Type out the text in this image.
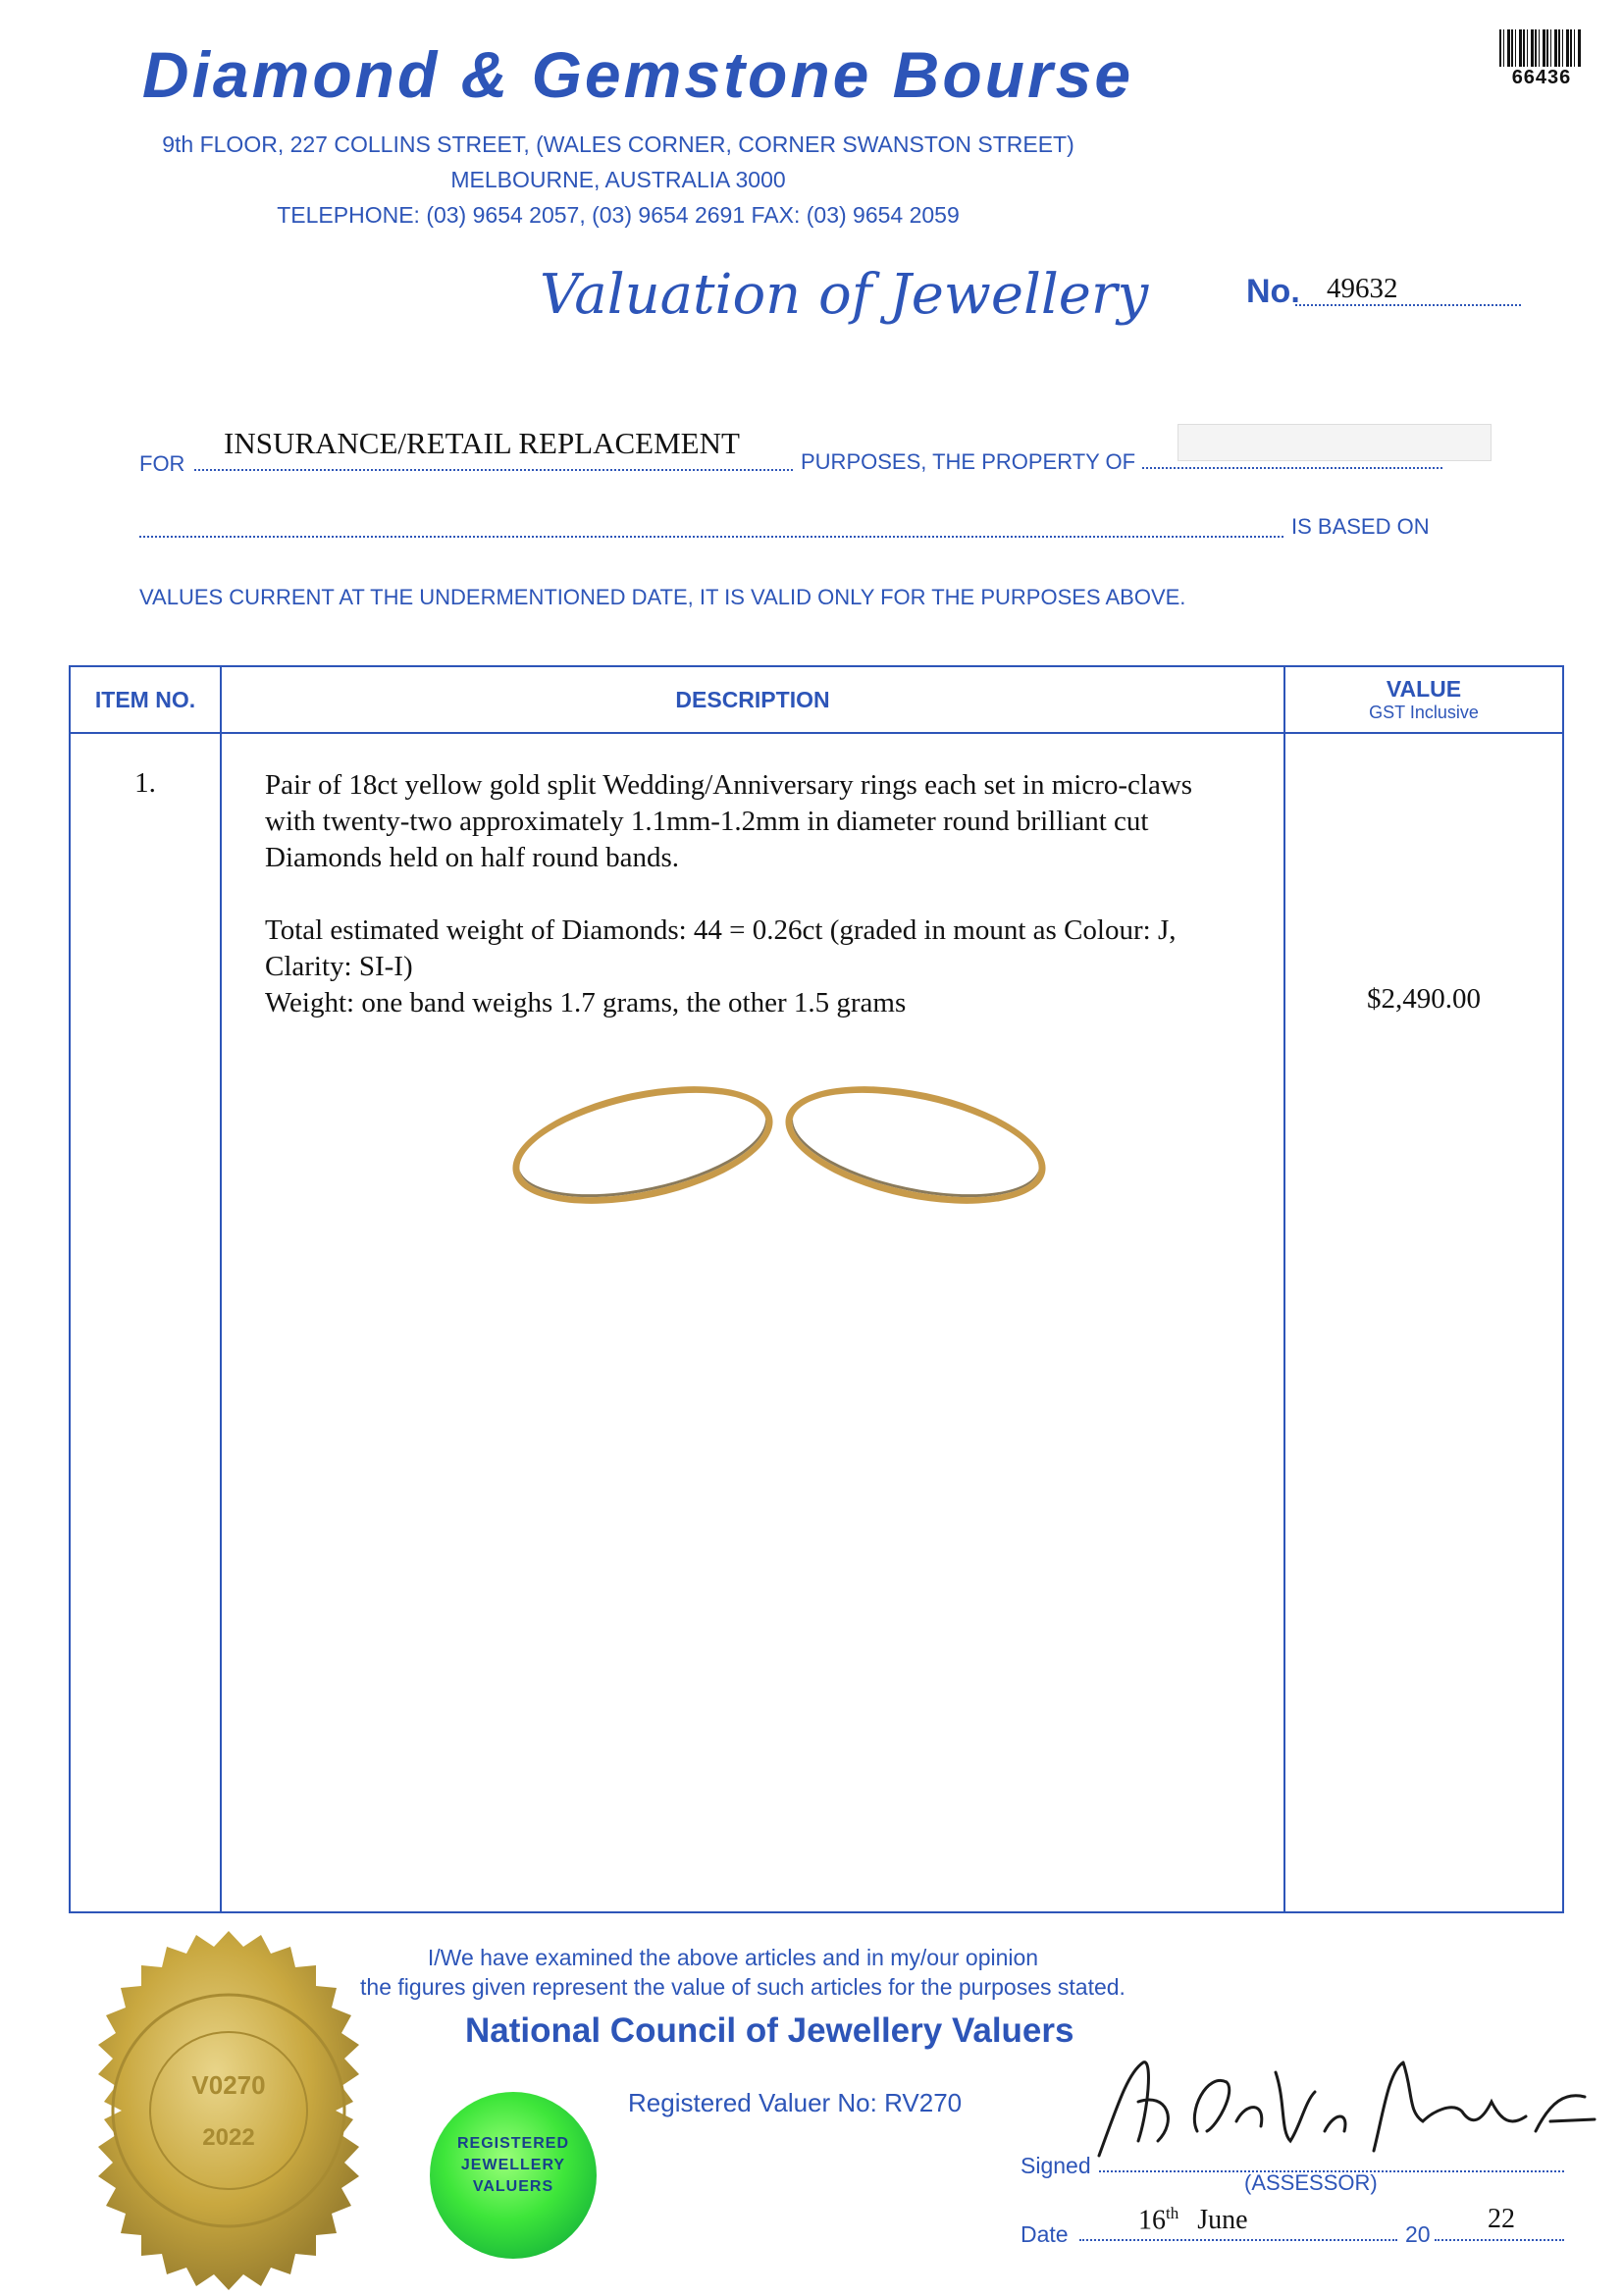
Diamond & Gemstone Bourse	66436
9th FLOOR, 227 COLLINS STREET, (WALES CORNER, CORNER SWANSTON STREET)
MELBOURNE, AUSTRALIA 3000
TELEPHONE: (03) 9654 2057, (03) 9654 2691 FAX: (03) 9654 2059
Valuation of Jewellery	No. 49632
FOR
INSURANCE/RETAIL REPLACEMENT
PURPOSES, THE PROPERTY OF
IS BASED ON
VALUES CURRENT AT THE UNDERMENTIONED DATE, IT IS VALID ONLY FOR THE PURPOSES ABOVE.
ITEM NO.	DESCRIPTION	VALUE
GST Inclusive

1.	Pair of 18ct yellow gold split Wedding/Anniversary rings each set in micro-claws with twenty-two approximately 1.1mm-1.2mm in diameter round brilliant cut Diamonds held on half round bands.

Total estimated weight of Diamonds: 44 = 0.26ct (graded in mount as Colour: J, Clarity: SI-I)

Weight: one band weighs 1.7 grams, the other 1.5 grams	$2,490.00
I/We have examined the above articles and in my/our opinion
the figures given represent the value of such articles for the purposes stated.
National Council of Jewellery Valuers
Registered Valuer No: RV270
V0270
2022	REGISTERED
JEWELLERY
VALUERS
Signed
(ASSESSOR)
Date	16th June	20 22
